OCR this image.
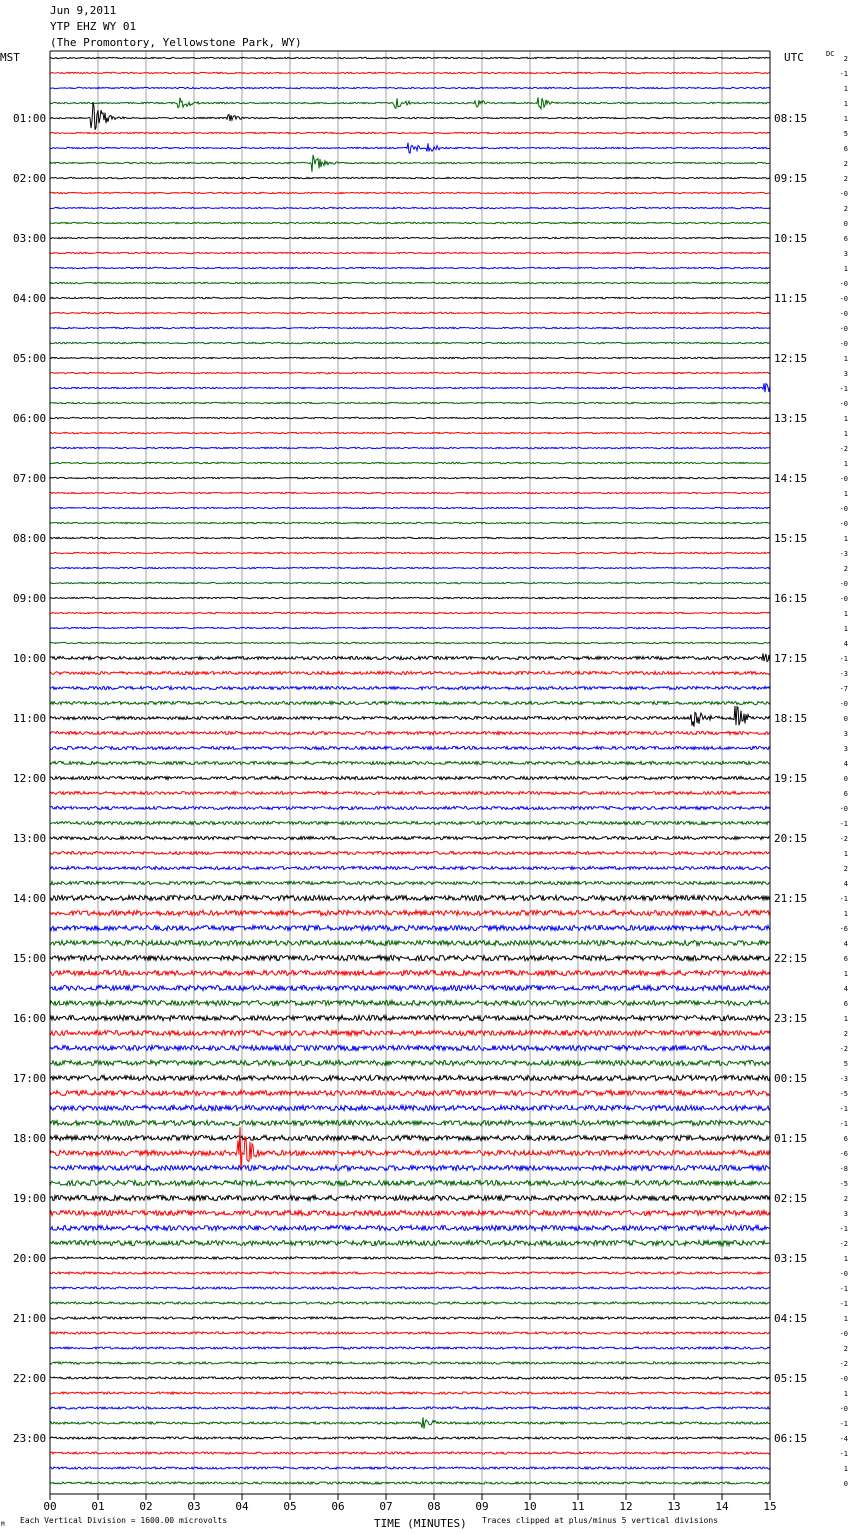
00	01	02	03	04	05	06	07	08	09	10	11	12	13	14	15
MST	UTC	DC
01:00
02:00
03:00
04:00
05:00
06:00
07:00
08:00
09:00
10:00
11:00
12:00
13:00
14:00
15:00
16:00
17:00
18:00
19:00
20:00
21:00
22:00
23:00
08:15
09:15
10:15
11:15
12:15
13:15
14:15
15:15
16:15
17:15
18:15
19:15
20:15
21:15
22:15
23:15
00:15
01:15
02:15
03:15
04:15
05:15
06:15
2
-1
1
1
1
5
6
2
2
-0
2
0
6
3
1
-0
-0
-0
-0
-0
1
3
-1
-0
1
1
-2
1
-0
1
-0
-0
1
-3
2
-0
-0
1
1
4
-1
-3
-7
-0
0
3
3
4
0
6
-0
-1
-2
1
2
4
-1
1
-6
4
6
1
4
6
1
2
-2
5
-3
-5
-1
-1
6
-6
-8
-5
2
3
-1
-2
1
-0
-1
-1
1
-0
2
-2
-0
1
-0
-1
-4
-1
1
0
M Each Vertical Division = 1600.00 microvolts	TIME (MINUTES) Traces clipped at plus/minus 5 vertical divisions
Jun 9,2011
YTP EHZ WY 01
(The Promontory, Yellowstone Park, WY)
